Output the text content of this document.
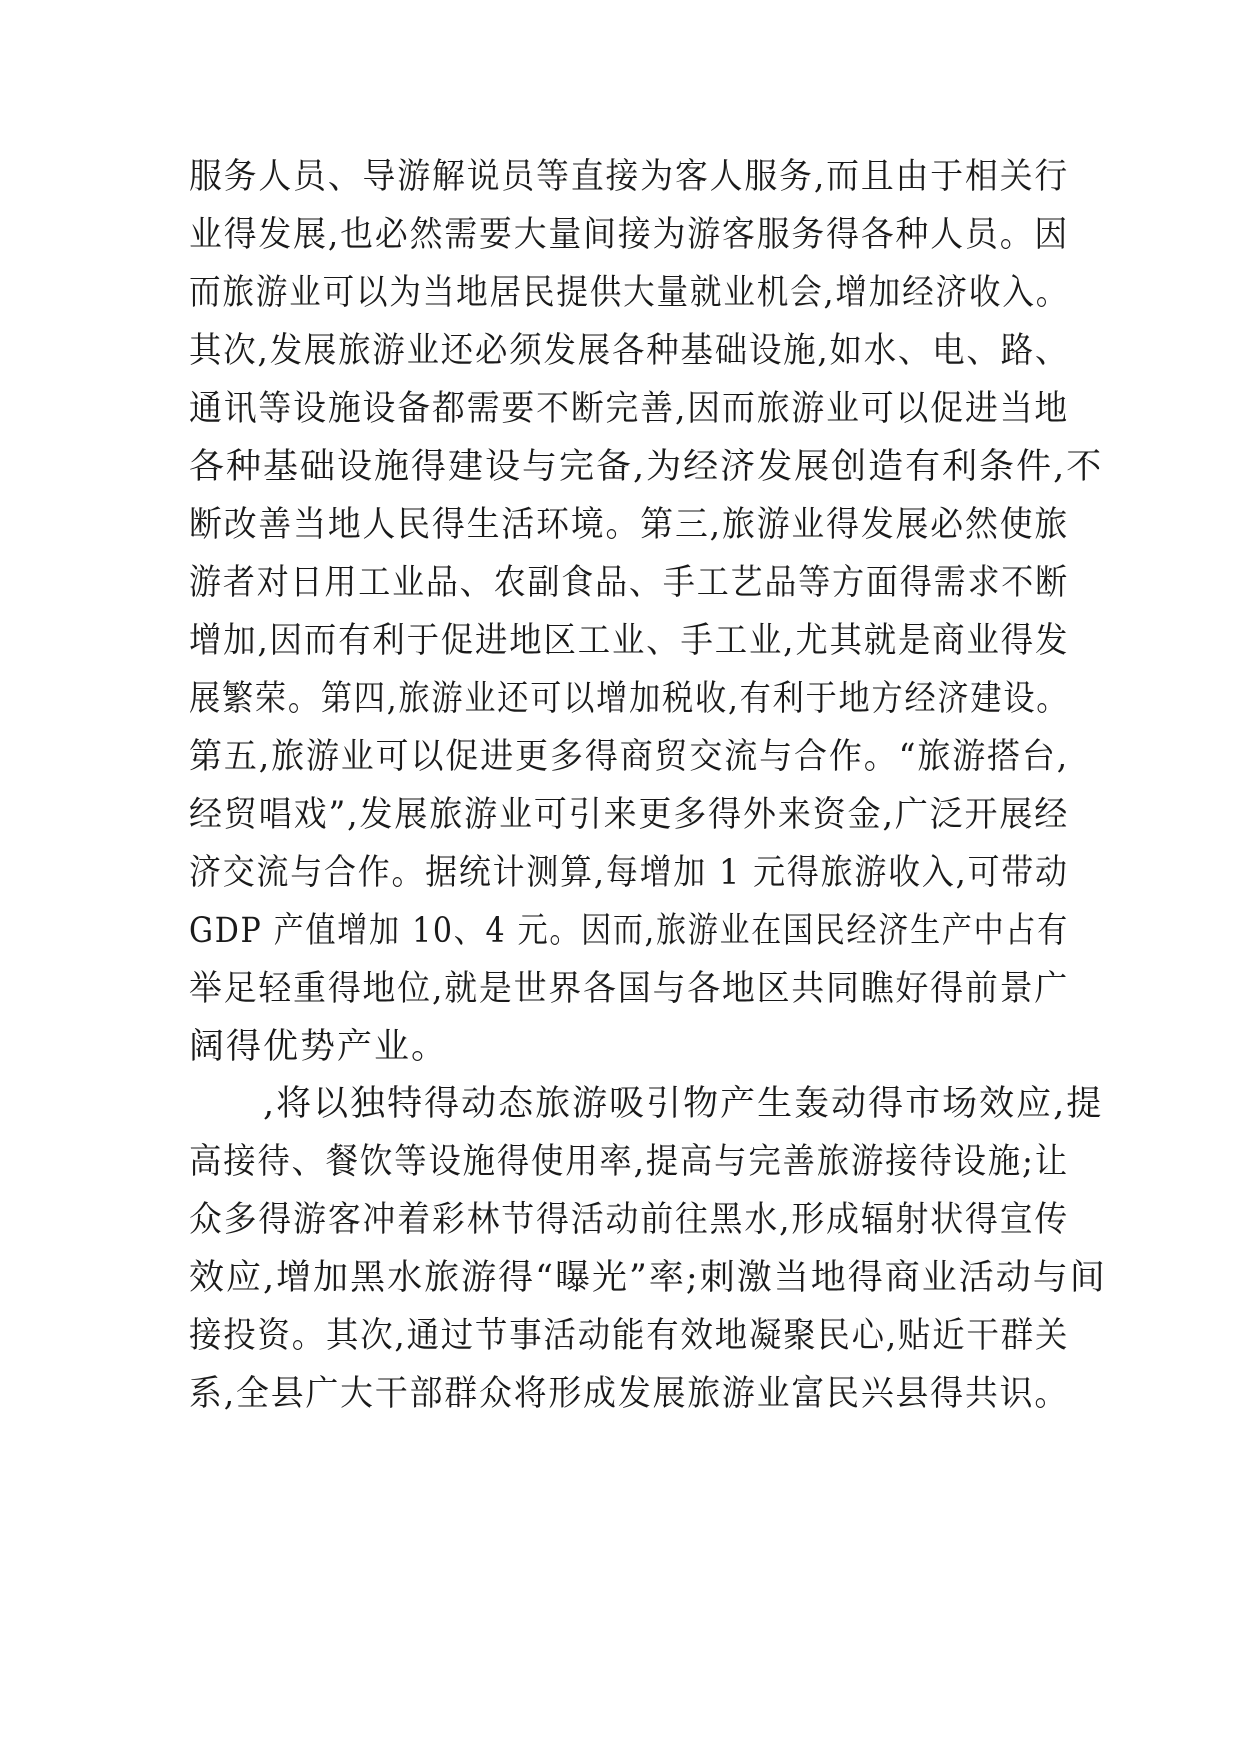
服务人员、导游解说员等直接为客人服务,而且由于相关行
业得发展,也必然需要大量间接为游客服务得各种人员。因
而旅游业可以为当地居民提供大量就业机会,增加经济收入。
其次,发展旅游业还必须发展各种基础设施,如水、电、路、
通讯等设施设备都需要不断完善,因而旅游业可以促进当地
各种基础设施得建设与完备,为经济发展创造有利条件,不
断改善当地人民得生活环境。第三,旅游业得发展必然使旅
游者对日用工业品、农副食品、手工艺品等方面得需求不断
增加,因而有利于促进地区工业、手工业,尤其就是商业得发
展繁荣。第四,旅游业还可以增加税收,有利于地方经济建设。
第五,旅游业可以促进更多得商贸交流与合作。“旅游搭台,
经贸唱戏”,发展旅游业可引来更多得外来资金,广泛开展经
济交流与合作。据统计测算,每增加 1 元得旅游收入,可带动
GDP 产值增加 10、4 元。因而,旅游业在国民经济生产中占有
举足轻重得地位,就是世界各国与各地区共同瞧好得前景广
阔得优势产业。
　　,将以独特得动态旅游吸引物产生轰动得市场效应,提
高接待、餐饮等设施得使用率,提高与完善旅游接待设施;让
众多得游客冲着彩林节得活动前往黑水,形成辐射状得宣传
效应,增加黑水旅游得“曝光”率;刺激当地得商业活动与间
接投资。其次,通过节事活动能有效地凝聚民心,贴近干群关
系,全县广大干部群众将形成发展旅游业富民兴县得共识。
